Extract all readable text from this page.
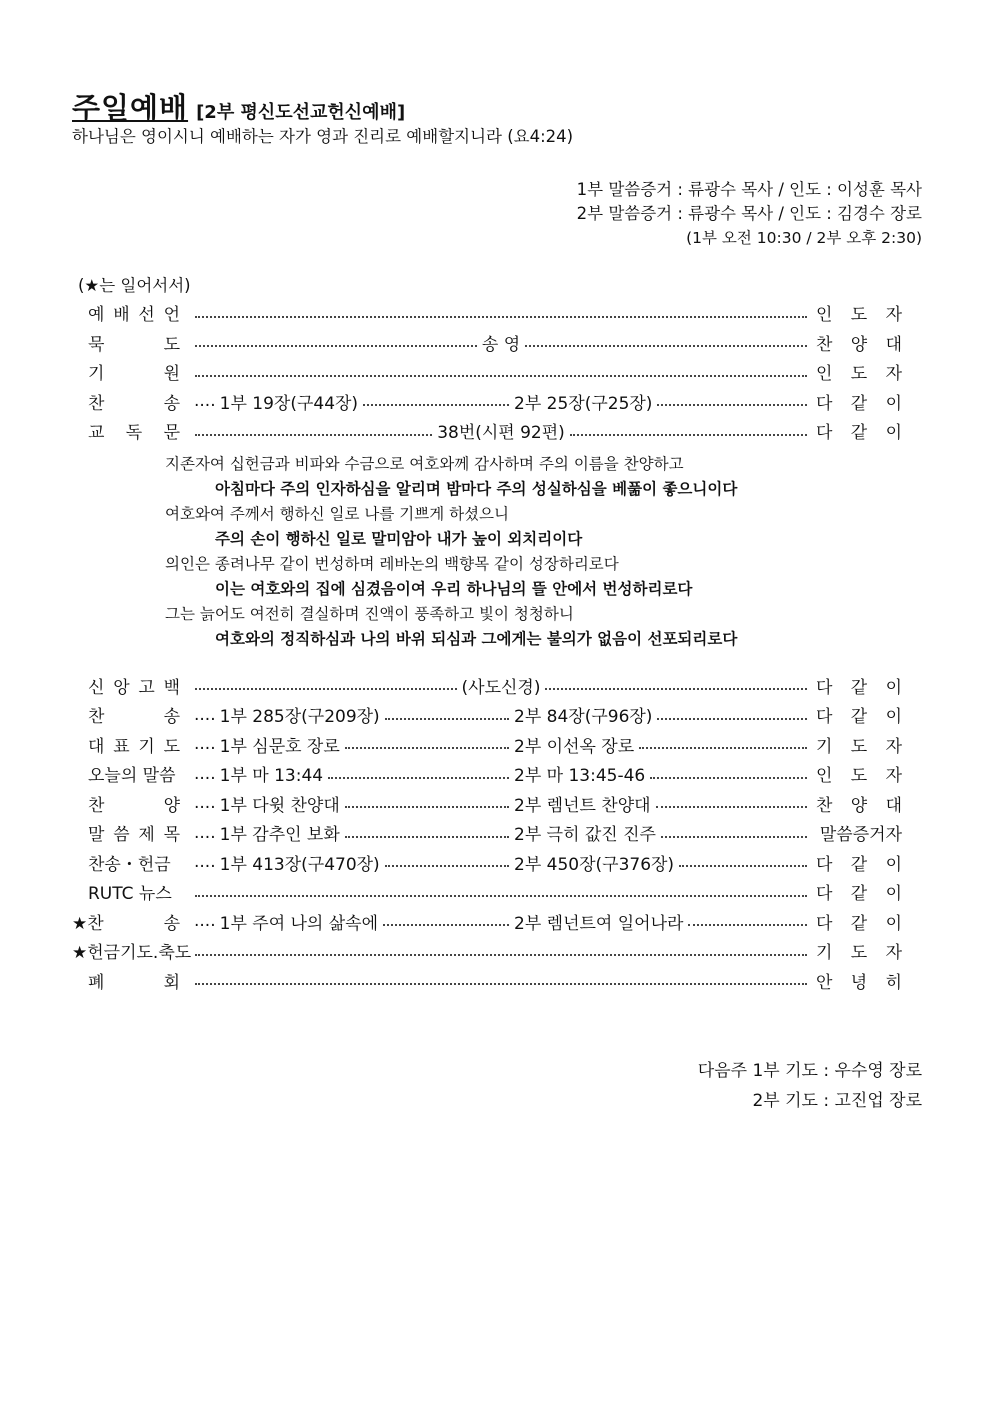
주일예배 [2부 평신도선교헌신예배]
하나님은 영이시니 예배하는 자가 영과 진리로 예배할지니라 (요4:24)
1부 말씀증거 : 류광수 목사 / 인도 : 이성훈 목사
2부 말씀증거 : 류광수 목사 / 인도 : 김경수 장로
(1부 오전 10:30 / 2부 오후 2:30)
(★는 일어서서)
예 배 선 언	인 도 자
묵	도	송 영	찬 양 대
기	원	인 도 자
찬	송 .... 1부 19장(구44장)	2부 25장(구25장)	다 같 이
교 독 문	38번(시편 92편)	다 같 이
신 앙 고 백	(사도신경)	다 같 이
찬	송 .... 1부 285장(구209장)	2부 84장(구96장)	다 같 이
대 표 기 도 .... 1부 심문호 장로	2부 이선옥 장로	기 도 자
오늘의 말씀 .... 1부 마 13:44	2부 마 13:45-46	인 도 자
찬	양 .... 1부 다윗 찬양대	2부 렘넌트 찬양대	찬 양 대
말 씀 제 목 .... 1부 감추인 보화	2부 극히 값진 진주	말씀증거자
찬송・헌금 .... 1부 413장(구470장)	2부 450장(구376장)	다 같 이
RUTC 뉴스	다 같 이
★찬	송 .... 1부 주여 나의 삶속에	2부 렘넌트여 일어나라	다 같 이
★헌금기도.축도	기 도 자
폐	회	안 녕 히
지존자여 십헌금과 비파와 수금으로 여호와께 감사하며 주의 이름을 찬양하고
아침마다 주의 인자하심을 알리며 밤마다 주의 성실하심을 베풂이 좋으니이다
여호와여 주께서 행하신 일로 나를 기쁘게 하셨으니
주의 손이 행하신 일로 말미암아 내가 높이 외치리이다
의인은 종려나무 같이 번성하며 레바논의 백향목 같이 성장하리로다
이는 여호와의 집에 심겼음이여 우리 하나님의 뜰 안에서 번성하리로다
그는 늙어도 여전히 결실하며 진액이 풍족하고 빛이 청청하니
여호와의 정직하심과 나의 바위 되심과 그에게는 불의가 없음이 선포되리로다
다음주 1부 기도 : 우수영 장로
2부 기도 : 고진업 장로
